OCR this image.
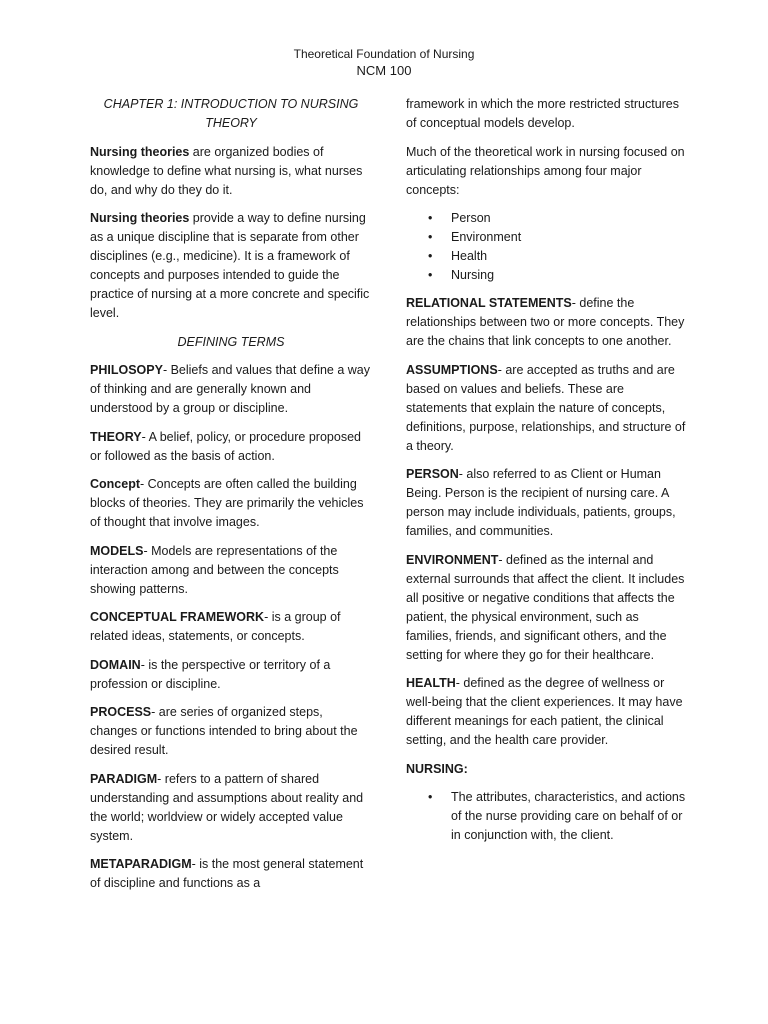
Theoretical Foundation of Nursing
NCM 100

CHAPTER 1: INTRODUCTION TO NURSING THEORY

Nursing theories are organized bodies of knowledge to define what nursing is, what nurses do, and why do they do it.

Nursing theories provide a way to define nursing as a unique discipline that is separate from other disciplines (e.g., medicine). It is a framework of concepts and purposes intended to guide the practice of nursing at a more concrete and specific level.

DEFINING TERMS

PHILOSOPY- Beliefs and values that define a way of thinking and are generally known and understood by a group or discipline.

THEORY- A belief, policy, or procedure proposed or followed as the basis of action.

Concept- Concepts are often called the building blocks of theories. They are primarily the vehicles of thought that involve images.

MODELS- Models are representations of the interaction among and between the concepts showing patterns.

CONCEPTUAL FRAMEWORK- is a group of related ideas, statements, or concepts.

DOMAIN- is the perspective or territory of a profession or discipline.

PROCESS- are series of organized steps, changes or functions intended to bring about the desired result.

PARADIGM- refers to a pattern of shared understanding and assumptions about reality and the world; worldview or widely accepted value system.

METAPARADIGM- is the most general statement of discipline and functions as a

framework in which the more restricted structures of conceptual models develop.

Much of the theoretical work in nursing focused on articulating relationships among four major concepts:

• Person
• Environment
• Health
• Nursing

RELATIONAL STATEMENTS- define the relationships between two or more concepts. They are the chains that link concepts to one another.

ASSUMPTIONS- are accepted as truths and are based on values and beliefs. These are statements that explain the nature of concepts, definitions, purpose, relationships, and structure of a theory.

PERSON- also referred to as Client or Human Being. Person is the recipient of nursing care. A person may include individuals, patients, groups, families, and communities.

ENVIRONMENT- defined as the internal and external surrounds that affect the client. It includes all positive or negative conditions that affects the patient, the physical environment, such as families, friends, and significant others, and the setting for where they go for their healthcare.

HEALTH- defined as the degree of wellness or well-being that the client experiences. It may have different meanings for each patient, the clinical setting, and the health care provider.

NURSING:

• The attributes, characteristics, and actions of the nurse providing care on behalf of or in conjunction with, the client.
